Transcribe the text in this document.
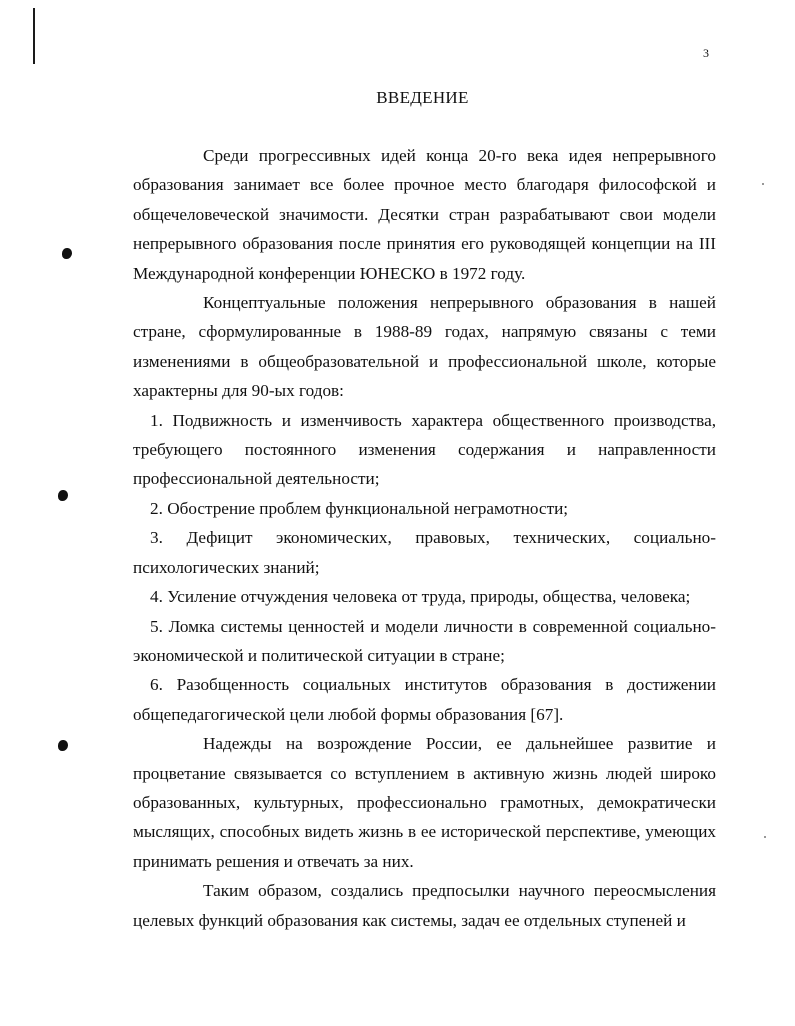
3
ВВЕДЕНИЕ

Среди прогрессивных идей конца 20-го века идея непрерывного образования занимает все более прочное место благодаря философской и общечеловеческой значимости. Десятки стран разрабатывают свои модели непрерывного образования после принятия его руководящей концепции на III Международной конференции ЮНЕСКО в 1972 году.

Концептуальные положения непрерывного образования в нашей стране, сформулированные в 1988-89 годах, напрямую связаны с теми изменениями в общеобразовательной и профессиональной школе, которые характерны для 90-ых годов:

1. Подвижность и изменчивость характера общественного производства, требующего постоянного изменения содержания и направленности профессиональной деятельности;

2. Обострение проблем функциональной неграмотности;

3. Дефицит экономических, правовых, технических, социально-психологических знаний;

4. Усиление отчуждения человека от труда, природы, общества, человека;

5. Ломка системы ценностей и модели личности в современной социально-экономической и политической ситуации в стране;

6. Разобщенность социальных институтов образования в достижении общепедагогической цели любой формы образования [67].

Надежды на возрождение России, ее дальнейшее развитие и процветание связывается со вступлением в активную жизнь людей широко образованных, культурных, профессионально грамотных, демократически мыслящих, способных видеть жизнь в ее исторической перспективе, умеющих принимать решения и отвечать за них.

Таким образом, создались предпосылки научного переосмысления целевых функций образования как системы, задач ее отдельных ступеней и
